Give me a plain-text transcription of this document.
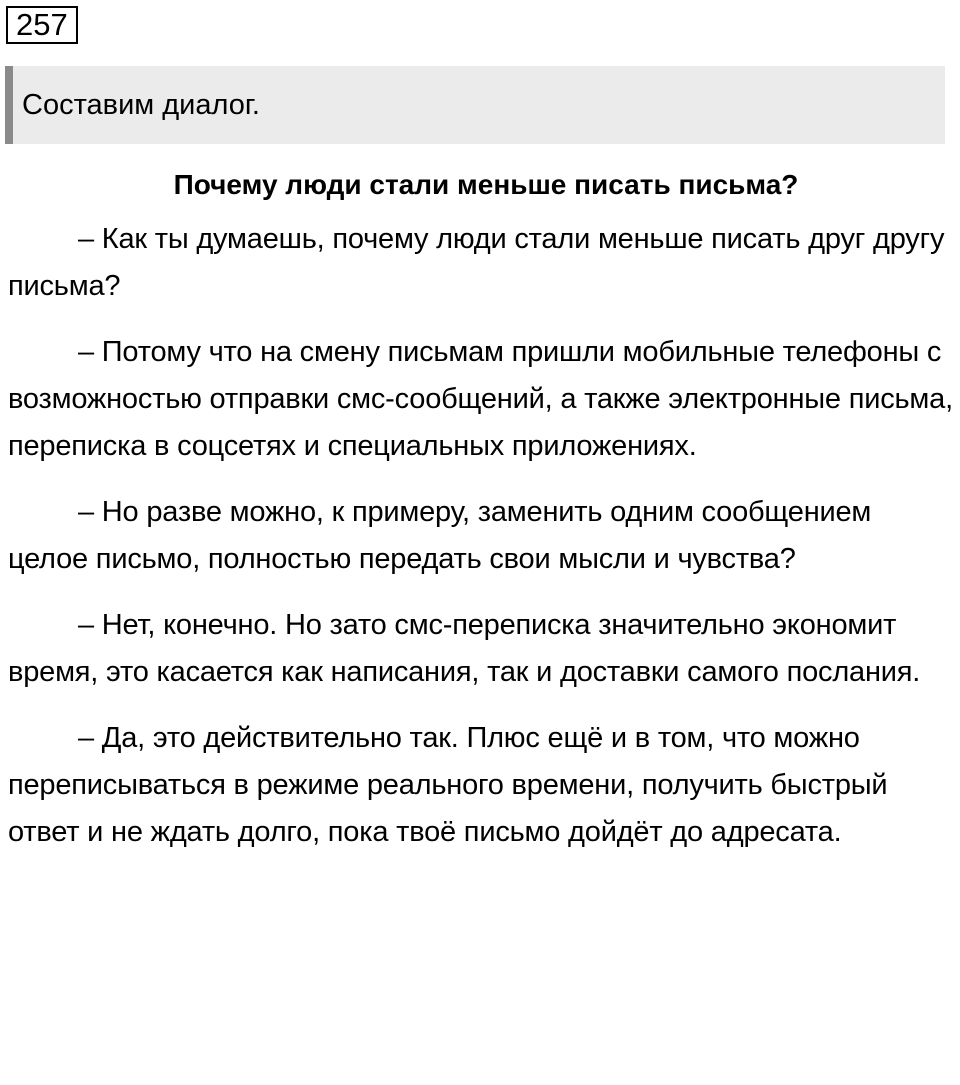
257
Составим диалог.
Почему люди стали меньше писать письма?

– Как ты думаешь, почему люди стали меньше писать друг другу письма?

– Потому что на смену письмам пришли мобильные телефоны с возможностью отправки смс-сообщений, а также электронные письма, переписка в соцсетях и специальных приложениях.

– Но разве можно, к примеру, заменить одним сообщением целое письмо, полностью передать свои мысли и чувства?

– Нет, конечно. Но зато смс-переписка значительно экономит время, это касается как написания, так и доставки самого послания.

– Да, это действительно так. Плюс ещё и в том, что можно переписываться в режиме реального времени, получить быстрый ответ и не ждать долго, пока твоё письмо дойдёт до адресата.
